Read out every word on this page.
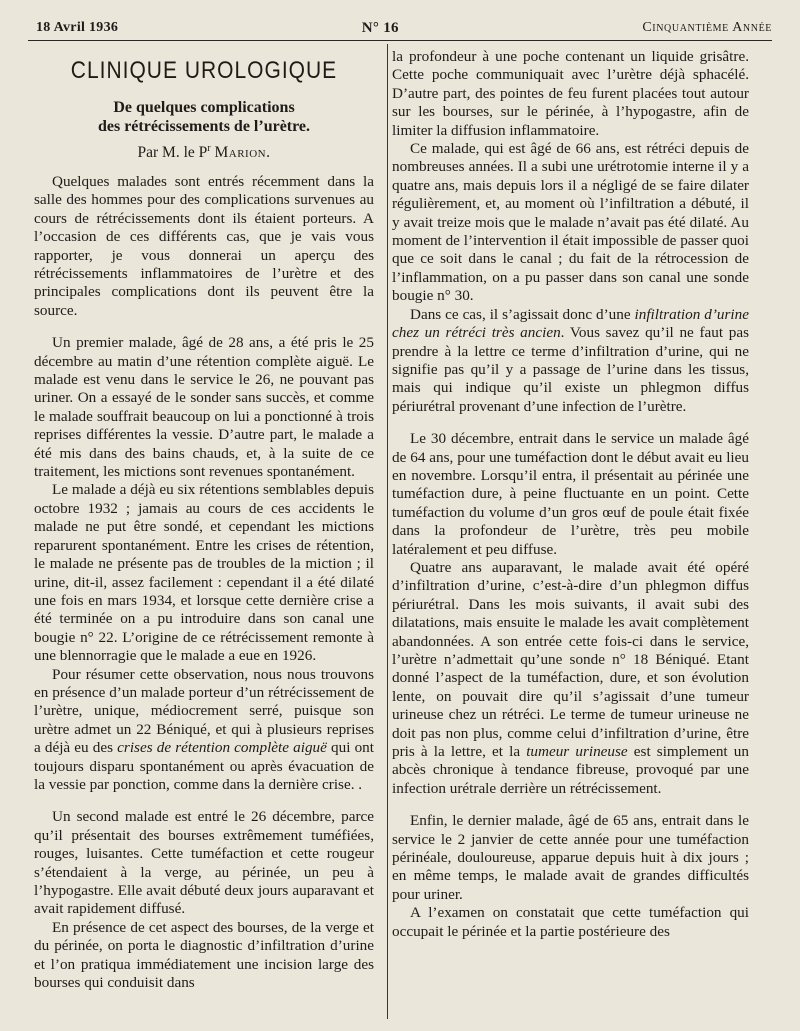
18 Avril 1936	N° 16	Cinquantième Année
CLINIQUE UROLOGIQUE
De quelques complications
des rétrécissements de l’urètre.
Par M. le $P^r$ Marion.

Quelques malades sont entrés récemment dans la salle des hommes pour des complications survenues au cours de rétrécissements dont ils étaient porteurs. A l’occasion de ces différents cas, que je vais vous rapporter, je vous donnerai un aperçu des rétrécissements inflammatoires de l’urètre et des principales complications dont ils peuvent être la source.

Un premier malade, âgé de 28 ans, a été pris le 25 décembre au matin d’une rétention complète aiguë. Le malade est venu dans le service le 26, ne pouvant pas uriner. On a essayé de le sonder sans succès, et comme le malade souffrait beaucoup on lui a ponctionné à trois reprises différentes la vessie. D’autre part, le malade a été mis dans des bains chauds, et, à la suite de ce traitement, les mictions sont revenues spontanément.

Le malade a déjà eu six rétentions semblables depuis octobre 1932 ; jamais au cours de ces accidents le malade ne put être sondé, et cependant les mictions reparurent spontanément. Entre les crises de rétention, le malade ne présente pas de troubles de la miction ; il urine, dit-il, assez facilement : cependant il a été dilaté une fois en mars 1934, et lorsque cette dernière crise a été terminée on a pu introduire dans son canal une bougie n° 22. L’origine de ce rétrécissement remonte à une blennorragie que le malade a eue en 1926.

Pour résumer cette observation, nous nous trouvons en présence d’un malade porteur d’un rétrécissement de l’urètre, unique, médiocrement serré, puisque son urètre admet un 22 Béniqué, et qui à plusieurs reprises a déjà eu des crises de rétention complète aiguë qui ont toujours disparu spontanément ou après évacuation de la vessie par ponction, comme dans la dernière crise. .

Un second malade est entré le 26 décembre, parce qu’il présentait des bourses extrêmement tuméfiées, rouges, luisantes. Cette tuméfaction et cette rougeur s’étendaient à la verge, au périnée, un peu à l’hypogastre. Elle avait débuté deux jours auparavant et avait rapidement diffusé.

En présence de cet aspect des bourses, de la verge et du périnée, on porta le diagnostic d’infiltration d’urine et l’on pratiqua immédiatement une incision large des bourses qui conduisit dans

la profondeur à une poche contenant un liquide grisâtre. Cette poche communiquait avec l’urètre déjà sphacélé. D’autre part, des pointes de feu furent placées tout autour sur les bourses, sur le périnée, à l’hypogastre, afin de limiter la diffusion inflammatoire.

Ce malade, qui est âgé de 66 ans, est rétréci depuis de nombreuses années. Il a subi une urétrotomie interne il y a quatre ans, mais depuis lors il a négligé de se faire dilater régulièrement, et, au moment où l’infiltration a débuté, il y avait treize mois que le malade n’avait pas été dilaté. Au moment de l’intervention il était impossible de passer quoi que ce soit dans le canal ; du fait de la rétrocession de l’inflammation, on a pu passer dans son canal une sonde bougie n° 30.

Dans ce cas, il s’agissait donc d’une infiltration d’urine chez un rétréci très ancien. Vous savez qu’il ne faut pas prendre à la lettre ce terme d’infiltration d’urine, qui ne signifie pas qu’il y a passage de l’urine dans les tissus, mais qui indique qu’il existe un phlegmon diffus périurétral provenant d’une infection de l’urètre.

Le 30 décembre, entrait dans le service un malade âgé de 64 ans, pour une tuméfaction dont le début avait eu lieu en novembre. Lorsqu’il entra, il présentait au périnée une tuméfaction dure, à peine fluctuante en un point. Cette tuméfaction du volume d’un gros œuf de poule était fixée dans la profondeur de l’urètre, très peu mobile latéralement et peu diffuse.

Quatre ans auparavant, le malade avait été opéré d’infiltration d’urine, c’est-à-dire d’un phlegmon diffus périurétral. Dans les mois suivants, il avait subi des dilatations, mais ensuite le malade les avait complètement abandonnées. A son entrée cette fois-ci dans le service, l’urètre n’admettait qu’une sonde n° 18 Béniqué. Etant donné l’aspect de la tuméfaction, dure, et son évolution lente, on pouvait dire qu’il s’agissait d’une tumeur urineuse chez un rétréci. Le terme de tumeur urineuse ne doit pas non plus, comme celui d’infiltration d’urine, être pris à la lettre, et la tumeur urineuse est simplement un abcès chronique à tendance fibreuse, provoqué par une infection urétrale derrière un rétrécissement.

Enfin, le dernier malade, âgé de 65 ans, entrait dans le service le 2 janvier de cette année pour une tuméfaction périnéale, douloureuse, apparue depuis huit à dix jours ; en même temps, le malade avait de grandes difficultés pour uriner.

A l’examen on constatait que cette tuméfaction qui occupait le périnée et la partie postérieure des
